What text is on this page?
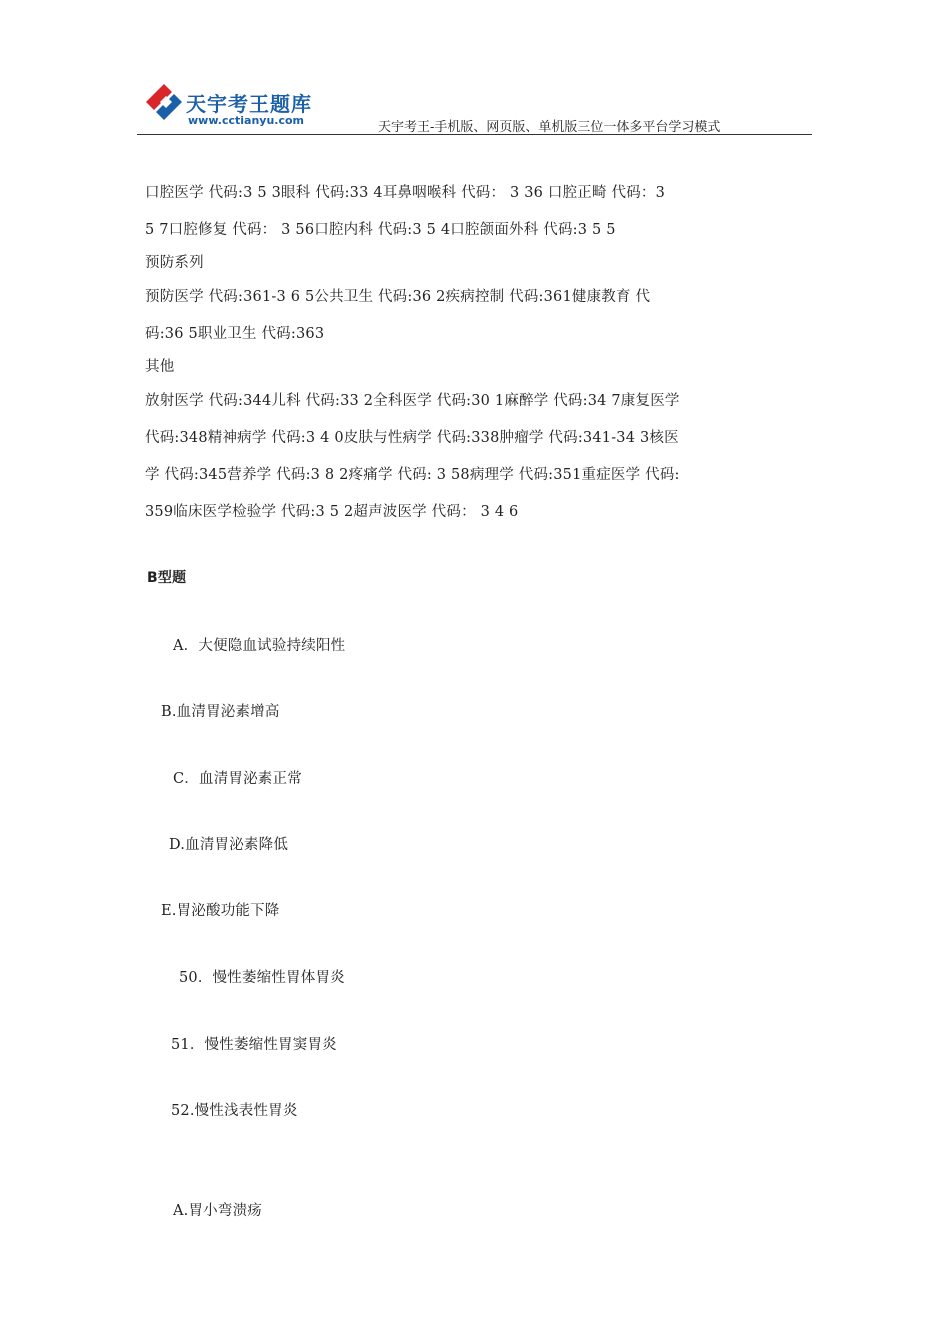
天宇考王题库
www.cctianyu.com	天宇考王-手机版、网页版、单机版三位一体多平台学习模式
口腔医学 代码:3 5 3眼科 代码:33 4耳鼻咽喉科 代码： 3 36 口腔正畸 代码：3
5 7口腔修复 代码： 3 56口腔内科 代码:3 5 4口腔颌面外科 代码:3 5 5
预防系列
预防医学 代码:361-3 6 5公共卫生 代码:36 2疾病控制 代码:361健康教育 代
码:36 5职业卫生 代码:363
其他
放射医学 代码:344儿科 代码:33 2全科医学 代码:30 1麻醉学 代码:34 7康复医学
代码:348精神病学 代码:3 4 0皮肤与性病学 代码:338肿瘤学 代码:341-34 3核医
学 代码:345营养学 代码:3 8 2疼痛学 代码: 3 58病理学 代码:351重症医学 代码:
359临床医学检验学 代码:3 5 2超声波医学 代码： 3 4 6
B型题
A．大便隐血试验持续阳性
B.血清胃泌素增高
C．血清胃泌素正常
D.血清胃泌素降低
E.胃泌酸功能下降
50．慢性萎缩性胃体胃炎
51．慢性萎缩性胃窦胃炎
52.慢性浅表性胃炎
A.胃小弯溃疡
